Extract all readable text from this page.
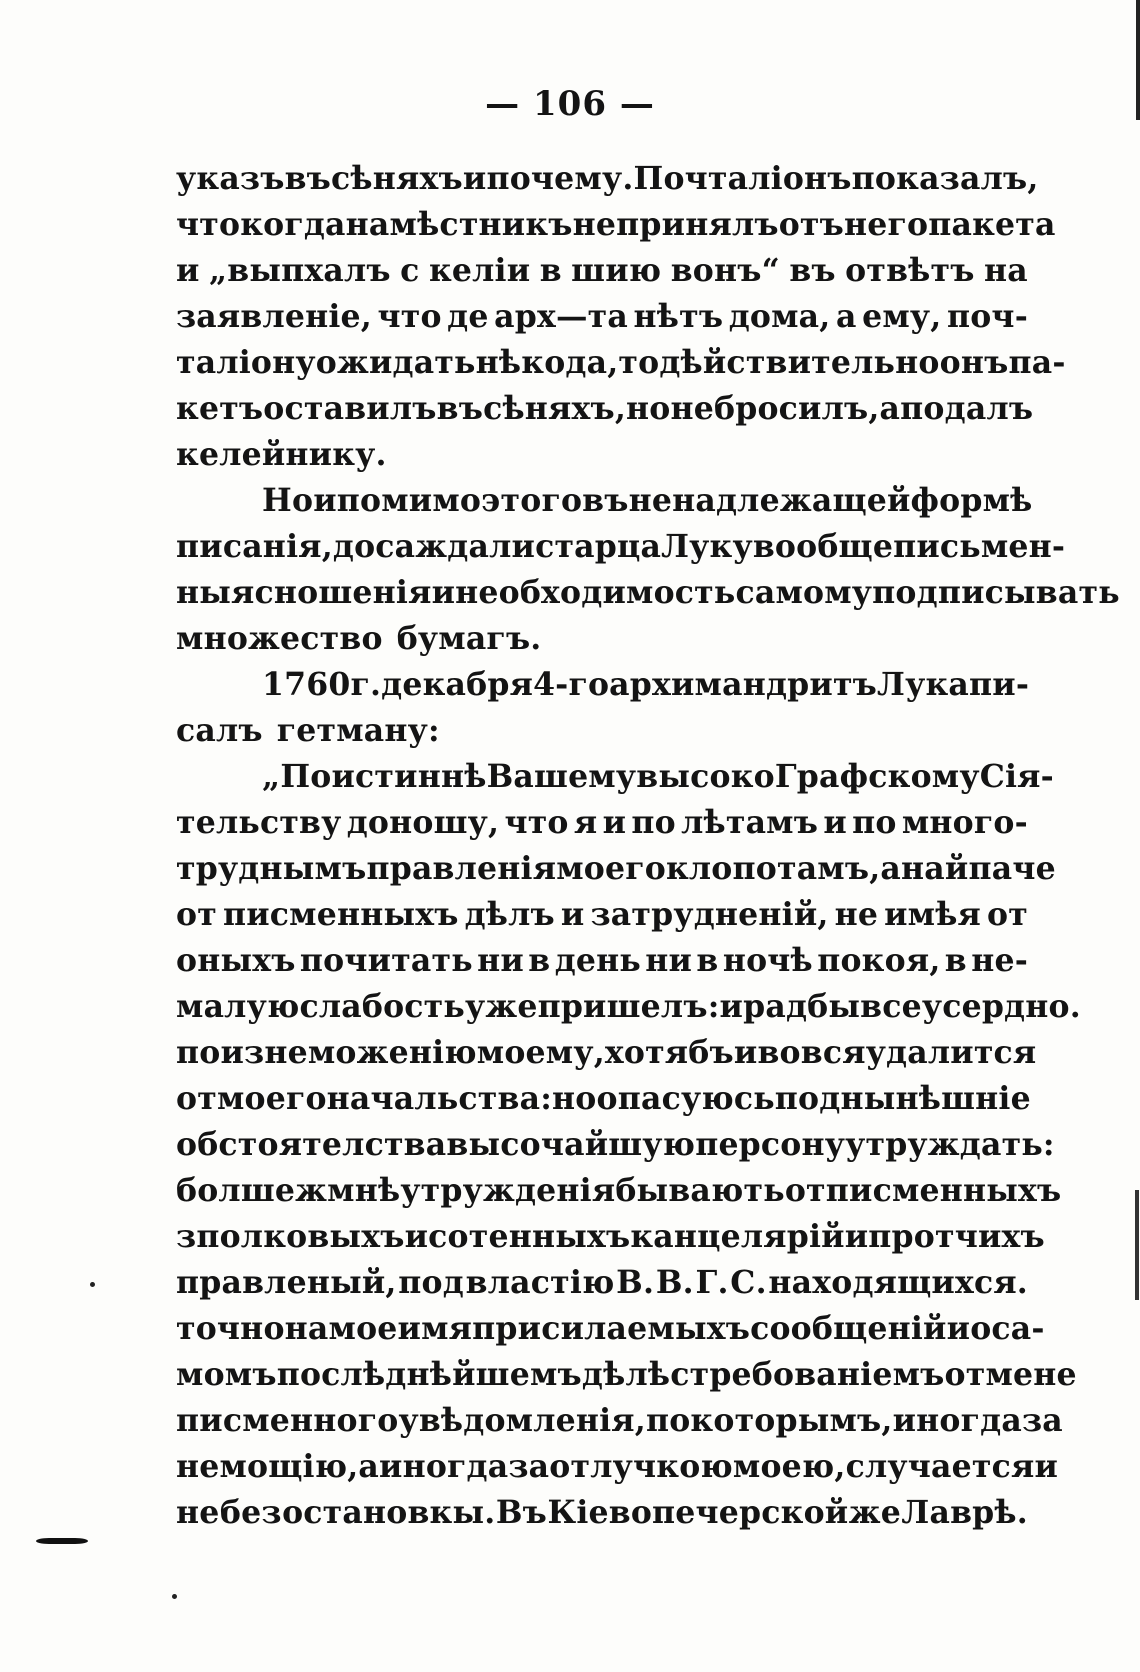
— 106 —
указъ въ сѣняхъ и почему. Почталіонъ показалъ,
что когда намѣстникъ не принялъ отъ него пакета
и „выпхалъ с келіи в шию вонъ“ въ отвѣтъ на
заявленіе, что де арх—та нѣтъ дома, а ему, поч-
таліону ожидать нѣкода, то дѣйствительно онъ па-
кетъ оставилъ въ сѣняхъ, но не бросилъ, а подалъ
келейнику.
Но и помимо этого въ ненадлежащей формѣ
писанія, досаждали старца Луку вообще письмен-
ныя сношенія и необходимость самому подписывать
множество бумагъ.
1760 г. декабря 4-го архимандритъ Лука пи-
салъ гетману:
„По истиннѣ Вашему высоко Графскому Сія-
тельству доношу, что я и по лѣтамъ и по много-
труднымъ правленія моего клопотамъ, а найпаче
от писменныхъ дѣлъ и затрудненій, не имѣя от
оныхъ почитать ни в день ни в ночѣ покоя, в не-
малую слабость уже пришелъ: и рад бы всеусердно.
по изнеможенію моему, хотя бъ и вовся удалится
от моего начальства: но опасуюсь под нынѣшніе
обстоятелства высочайшую персону утруждать:
болше ж мнѣ утружденія бывають от писменныхъ
з полковыхъ и сотенныхъ канцелярій и протчихъ
правленый, под властію В. В. Г. С. находящихся.
точно на мое имя присилаемыхъ сообщеній и о са-
момъ послѣднѣйшемъ дѣлѣ с требованіемъ от мене
писменного увѣдомленія, по которымъ, иногда за
немощію, а иногда за отлучкою моею, случается и
не без остановкы. Въ Кіевопечерской же Лаврѣ.
